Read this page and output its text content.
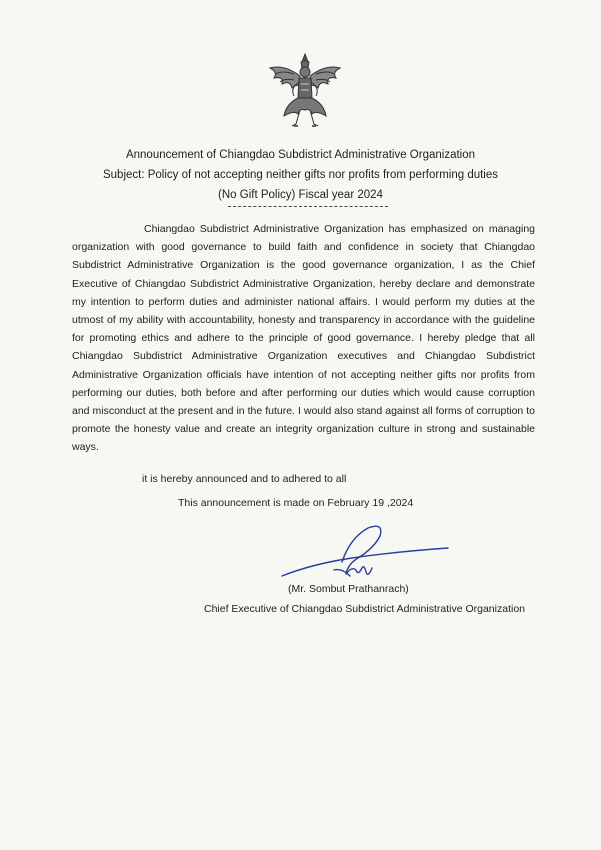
Announcement of Chiangdao Subdistrict Administrative Organization
Subject: Policy of not accepting neither gifts nor profits from performing duties
(No Gift Policy) Fiscal year 2024
Chiangdao Subdistrict Administrative Organization has emphasized on managing organization with good governance to build faith and confidence in society that Chiangdao Subdistrict Administrative Organization is the good governance organization, I as the Chief Executive of Chiangdao Subdistrict Administrative Organization, hereby declare and demonstrate my intention to perform duties and administer national affairs. I would perform my duties at the utmost of my ability with accountability, honesty and transparency in accordance with the guideline for promoting ethics and adhere to the principle of good governance. I hereby pledge that all Chiangdao Subdistrict Administrative Organization executives and Chiangdao Subdistrict Administrative Organization officials have intention of not accepting neither gifts nor profits from performing our duties, both before and after performing our duties which would cause corruption and misconduct at the present and in the future. I would also stand against all forms of corruption to promote the honesty value and create an integrity organization culture in strong and sustainable ways.
it is hereby announced and to adhered to all
This announcement is made on February 19 ,2024
(Mr. Sombut Prathanrach)
Chief Executive of Chiangdao Subdistrict Administrative Organization
